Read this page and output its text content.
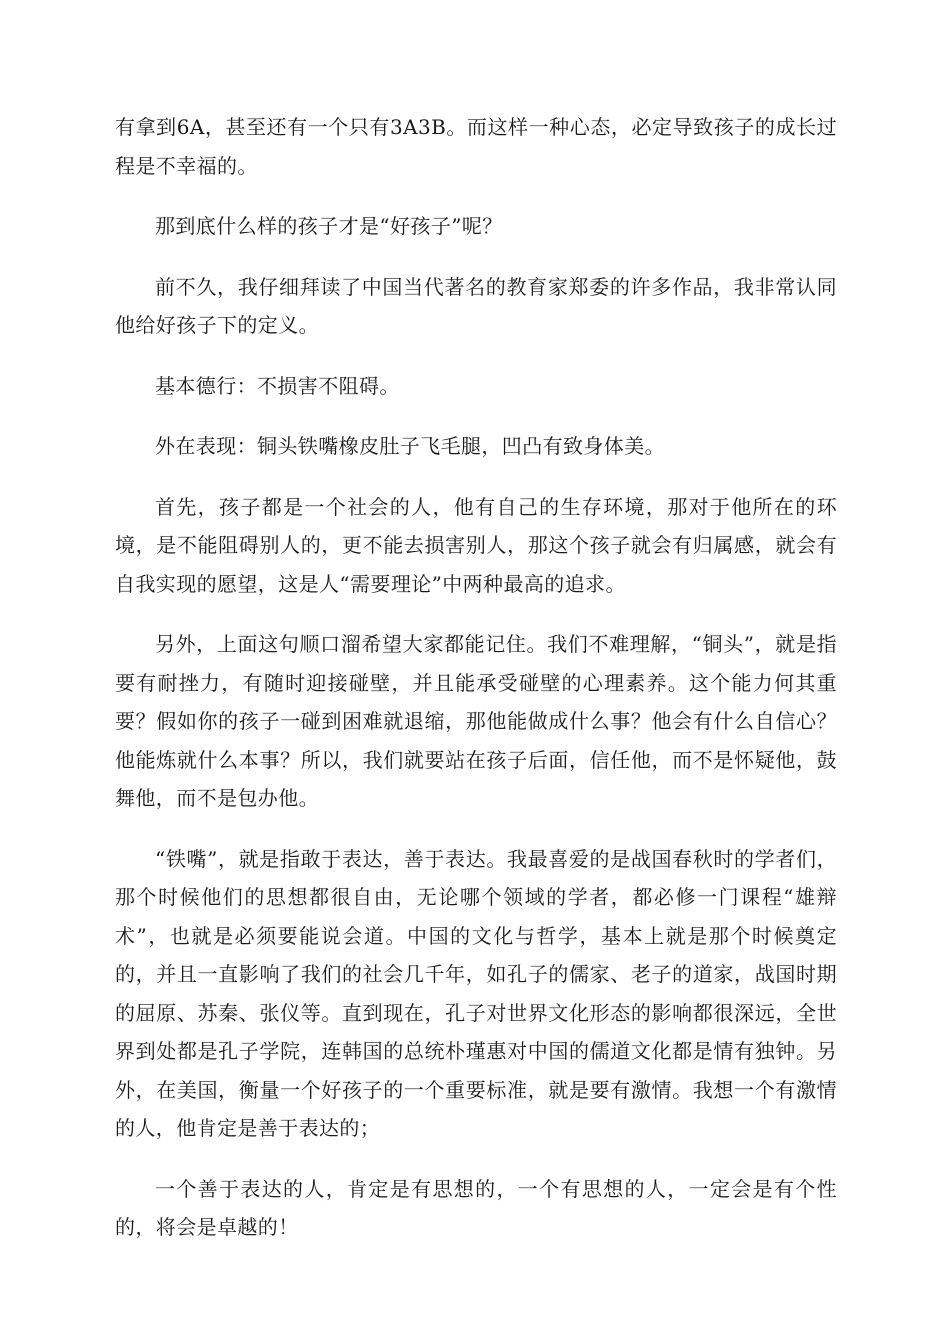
有拿到6A，甚至还有一个只有3A3B。而这样一种心态，必定导致孩子的成长过程是不幸福的。

那到底什么样的孩子才是“好孩子”呢？

前不久，我仔细拜读了中国当代著名的教育家郑委的许多作品，我非常认同他给好孩子下的定义。

基本德行：不损害不阻碍。

外在表现：铜头铁嘴橡皮肚子飞毛腿，凹凸有致身体美。

首先，孩子都是一个社会的人，他有自己的生存环境，那对于他所在的环境，是不能阻碍别人的，更不能去损害别人，那这个孩子就会有归属感，就会有自我实现的愿望，这是人“需要理论”中两种最高的追求。

另外，上面这句顺口溜希望大家都能记住。我们不难理解，“铜头”，就是指要有耐挫力，有随时迎接碰壁，并且能承受碰壁的心理素养。这个能力何其重要？假如你的孩子一碰到困难就退缩，那他能做成什么事？他会有什么自信心？他能炼就什么本事？所以，我们就要站在孩子后面，信任他，而不是怀疑他，鼓舞他，而不是包办他。

“铁嘴”，就是指敢于表达，善于表达。我最喜爱的是战国春秋时的学者们，那个时候他们的思想都很自由，无论哪个领域的学者，都必修一门课程“雄辩术”，也就是必须要能说会道。中国的文化与哲学，基本上就是那个时候奠定的，并且一直影响了我们的社会几千年，如孔子的儒家、老子的道家，战国时期的屈原、苏秦、张仪等。直到现在，孔子对世界文化形态的影响都很深远，全世界到处都是孔子学院，连韩国的总统朴瑾惠对中国的儒道文化都是情有独钟。另外，在美国，衡量一个好孩子的一个重要标准，就是要有激情。我想一个有激情的人，他肯定是善于表达的；

一个善于表达的人，肯定是有思想的，一个有思想的人，一定会是有个性的，将会是卓越的！
